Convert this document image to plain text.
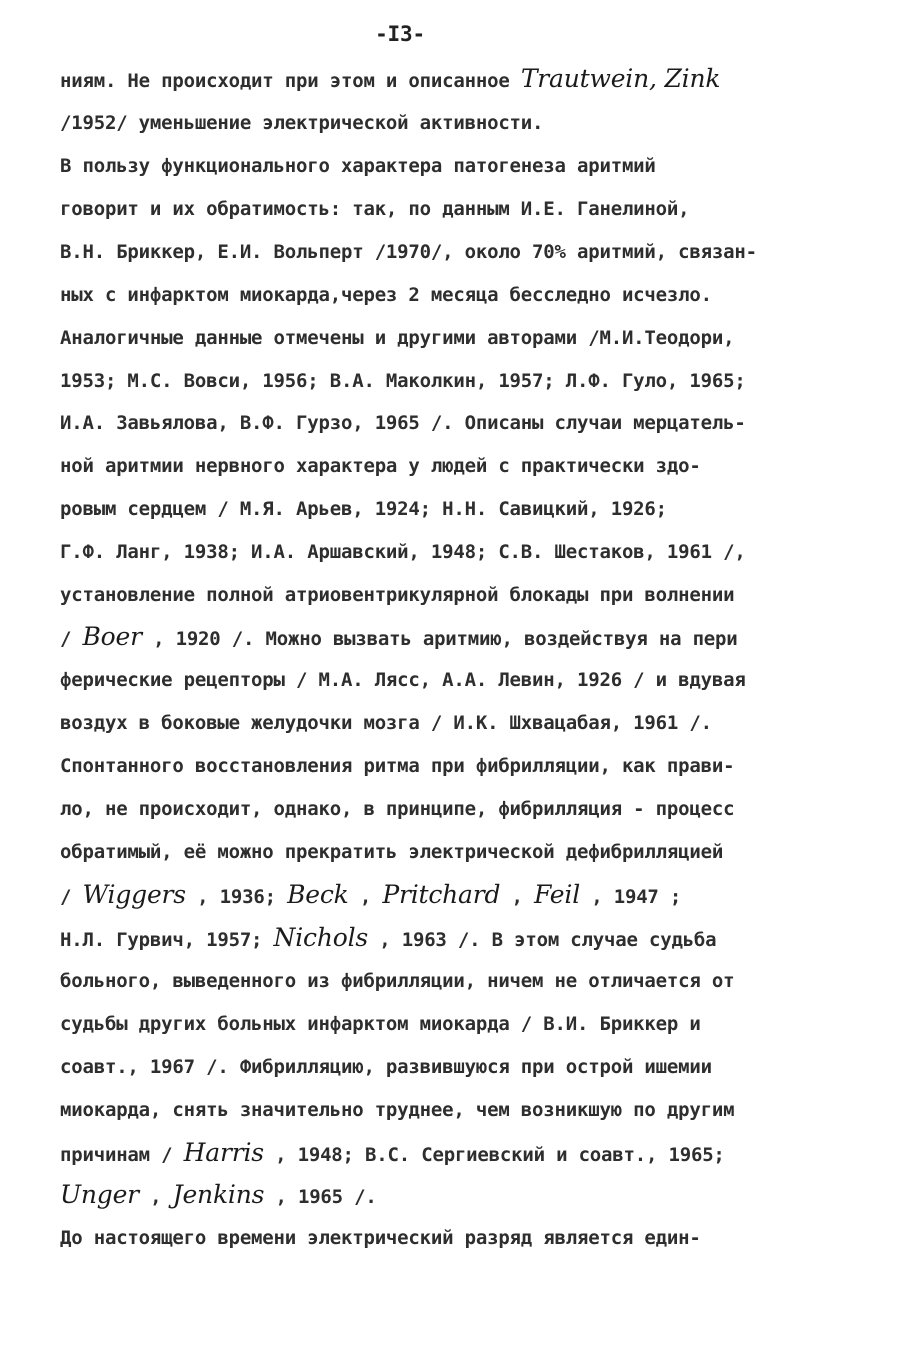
-I3-
ниям. Не происходит при этом и описанное Trautwein, Zink
/1952/ уменьшение электрической активности.
В пользу функционального характера патогенеза аритмий
говорит и их обратимость: так, по данным И.Е. Ганелиной,
В.Н. Бриккер, Е.И. Вольперт /1970/, около 70% аритмий, связан-
ных с инфарктом миокарда,через 2 месяца бесследно исчезло.
Аналогичные данные отмечены и другими авторами /М.И.Теодори,
1953; М.С. Вовси, 1956; В.А. Маколкин, 1957; Л.Ф. Гуло, 1965;
И.А. Завьялова, В.Ф. Гурзо, 1965 /. Описаны случаи мерцатель-
ной аритмии нервного характера у людей с практически здо-
ровым сердцем / М.Я. Арьев, 1924; Н.Н. Савицкий, 1926;
Г.Ф. Ланг, 1938; И.А. Аршавский, 1948; С.В. Шестаков, 1961 /,
установление полной атриовентрикулярной блокады при волнении
/ Boer , 1920 /. Можно вызвать аритмию, воздействуя на пери
ферические рецепторы / М.А. Лясс, А.А. Левин, 1926 / и вдувая
воздух в боковые желудочки мозга / И.К. Шхвацабая, 1961 /.
Спонтанного восстановления ритма при фибрилляции, как прави-
ло, не происходит, однако, в принципе, фибрилляция - процесс
обратимый, её можно прекратить электрической дефибрилляцией
/ Wiggers , 1936; Beck , Pritchard , Feil , 1947 ;
Н.Л. Гурвич, 1957; Nichols , 1963 /. В этом случае судьба
больного, выведенного из фибрилляции, ничем не отличается от
судьбы других больных инфарктом миокарда / В.И. Бриккер и
соавт., 1967 /. Фибрилляцию, развившуюся при острой ишемии
миокарда, снять значительно труднее, чем возникшую по другим
причинам / Harris , 1948; В.С. Сергиевский и соавт., 1965;
Unger , Jenkins , 1965 /.
До настоящего времени электрический разряд является един-
